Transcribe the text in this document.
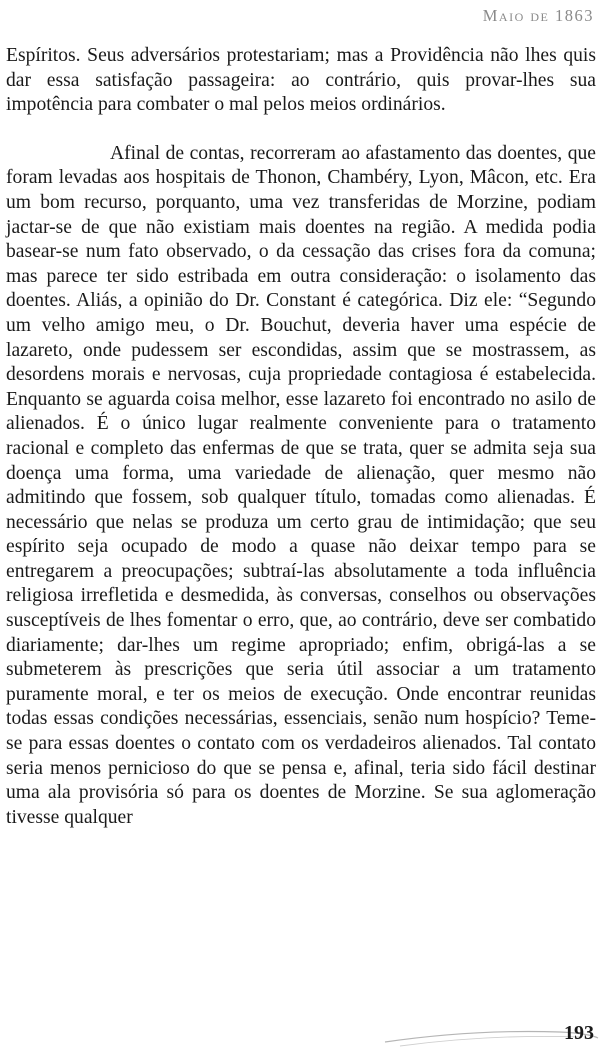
Maio de 1863

Espíritos. Seus adversários protestariam; mas a Providência não lhes quis dar essa satisfação passageira: ao contrário, quis provar-lhes sua impotência para combater o mal pelos meios ordinários.

Afinal de contas, recorreram ao afastamento das doentes, que foram levadas aos hospitais de Thonon, Chambéry, Lyon, Mâcon, etc. Era um bom recurso, porquanto, uma vez transferidas de Morzine, podiam jactar-se de que não existiam mais doentes na região. A medida podia basear-se num fato observado, o da cessação das crises fora da comuna; mas parece ter sido estribada em outra consideração: o isolamento das doentes. Aliás, a opinião do Dr. Constant é categórica. Diz ele: “Segundo um velho amigo meu, o Dr. Bouchut, deveria haver uma espécie de lazareto, onde pudessem ser escondidas, assim que se mostrassem, as desordens morais e nervosas, cuja propriedade contagiosa é estabelecida. Enquanto se aguarda coisa melhor, esse lazareto foi encontrado no asilo de alienados. É o único lugar realmente conveniente para o tratamento racional e completo das enfermas de que se trata, quer se admita seja sua doença uma forma, uma variedade de alienação, quer mesmo não admitindo que fossem, sob qualquer título, tomadas como alienadas. É necessário que nelas se produza um certo grau de intimidação; que seu espírito seja ocupado de modo a quase não deixar tempo para se entregarem a preocupações; subtraí-las absolutamente a toda influência religiosa irrefletida e desmedida, às conversas, conselhos ou observações susceptíveis de lhes fomentar o erro, que, ao contrário, deve ser combatido diariamente; dar-lhes um regime apropriado; enfim, obrigá-las a se submeterem às prescrições que seria útil associar a um tratamento puramente moral, e ter os meios de execução. Onde encontrar reunidas todas essas condições necessárias, essenciais, senão num hospício? Teme-se para essas doentes o contato com os verdadeiros alienados. Tal contato seria menos pernicioso do que se pensa e, afinal, teria sido fácil destinar uma ala provisória só para os doentes de Morzine. Se sua aglomeração tivesse qualquer

193
